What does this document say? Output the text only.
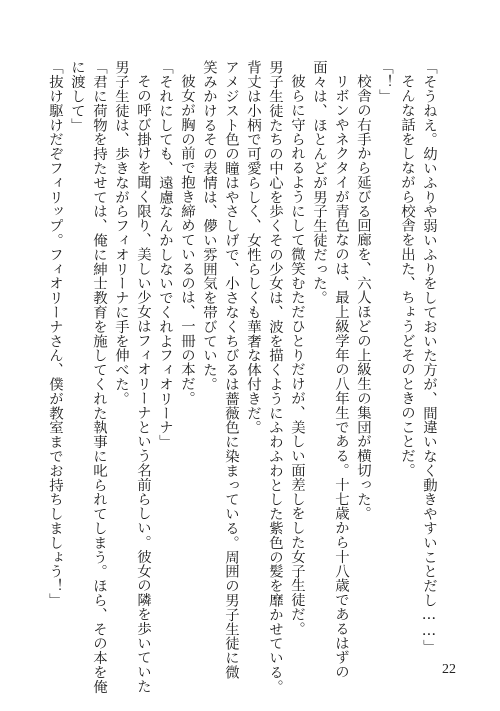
「そうねえ。幼いふりや弱いふりをしておいた方が、間違いなく動きやすいことだし……」
そんな話をしながら校舎を出た、ちょうどそのときのことだ。
「！」
校舎の右手から延びる回廊を、六人ほどの上級生の集団が横切った。
リボンやネクタイが青色なのは、最上級学年の八年生である。十七歳から十八歳であるはずの
面々は、ほとんどが男子生徒だった。
彼らに守られるようにして微笑むただひとりだけが、美しい面差しをした女子生徒だ。
男子生徒たちの中心を歩くその少女は、波を描くようにふわふわとした紫色の髪を靡かせている。
背丈は小柄で可愛らしく、女性らしくも華奢な体付きだ。
アメジスト色の瞳はやさしげで、小さなくちびるは薔薇色に染まっている。周囲の男子生徒に微
笑みかけるその表情は、儚い雰囲気を帯びていた。
彼女が胸の前で抱き締めているのは、一冊の本だ。
「それにしても、遠慮なんかしないでくれよフィオリーナ」
その呼び掛けを聞く限り、美しい少女はフィオリーナという名前らしい。彼女の隣を歩いていた
男子生徒は、歩きながらフィオリーナに手を伸べた。
「君に荷物を持たせては、俺に紳士教育を施してくれた執事に叱られてしまう。ほら、その本を俺
に渡して」
「抜け駆けだぞフィリップ。フィオリーナさん、僕が教室までお持ちしましょう！」
22
